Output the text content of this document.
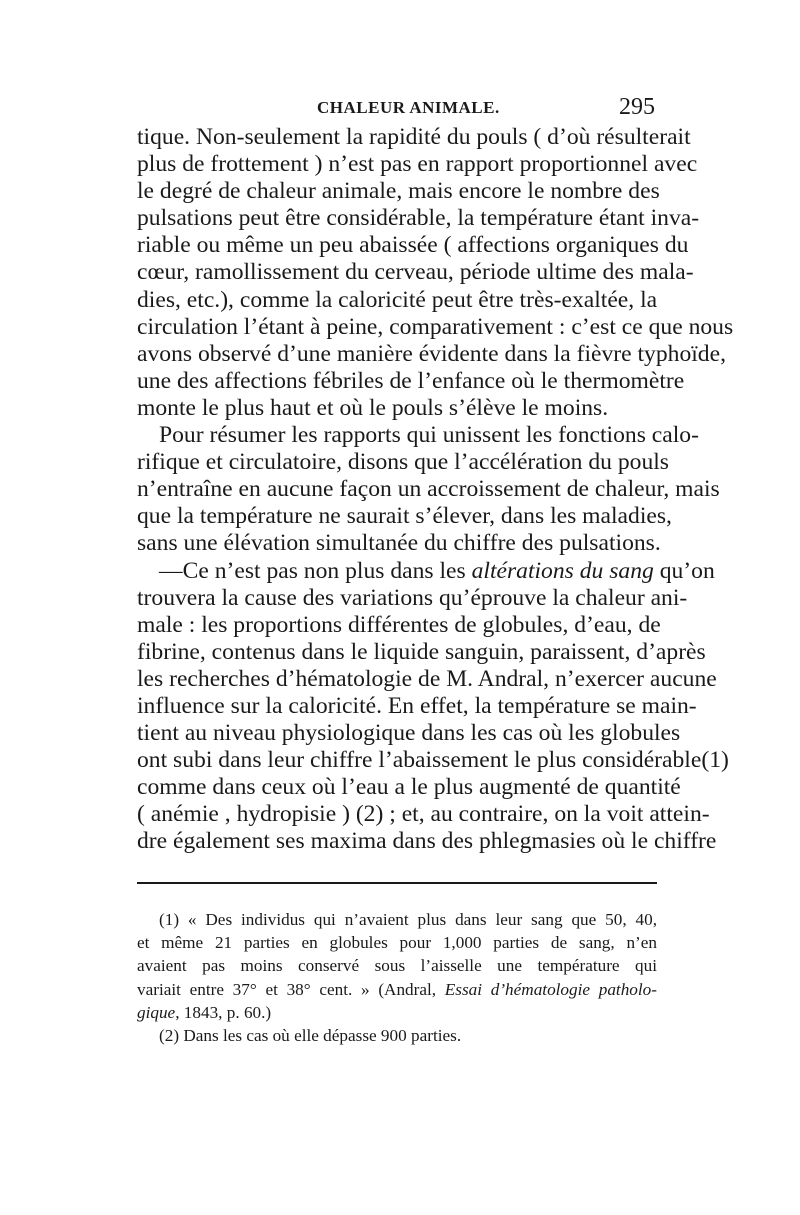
CHALEUR ANIMALE.	295

tique. Non-seulement la rapidité du pouls ( d’où résulterait
plus de frottement ) n’est pas en rapport proportionnel avec
le degré de chaleur animale, mais encore le nombre des
pulsations peut être considérable, la température étant inva-
riable ou même un peu abaissée ( affections organiques du
cœur, ramollissement du cerveau, période ultime des mala-
dies, etc.), comme la caloricité peut être très-exaltée, la
circulation l’étant à peine, comparativement : c’est ce que nous
avons observé d’une manière évidente dans la fièvre typhoïde,
une des affections fébriles de l’enfance où le thermomètre
monte le plus haut et où le pouls s’élève le moins.

Pour résumer les rapports qui unissent les fonctions calo-
rifique et circulatoire, disons que l’accélération du pouls
n’entraîne en aucune façon un accroissement de chaleur, mais
que la température ne saurait s’élever, dans les maladies,
sans une élévation simultanée du chiffre des pulsations.

—Ce n’est pas non plus dans les altérations du sang qu’on
trouvera la cause des variations qu’éprouve la chaleur ani-
male : les proportions différentes de globules, d’eau, de
fibrine, contenus dans le liquide sanguin, paraissent, d’après
les recherches d’hématologie de M. Andral, n’exercer aucune
influence sur la caloricité. En effet, la température se main-
tient au niveau physiologique dans les cas où les globules
ont subi dans leur chiffre l’abaissement le plus considérable(1)
comme dans ceux où l’eau a le plus augmenté de quantité
( anémie , hydropisie ) (2) ; et, au contraire, on la voit attein-
dre également ses maxima dans des phlegmasies où le chiffre

(1) « Des individus qui n’avaient plus dans leur sang que 50, 40,
et même 21 parties en globules pour 1,000 parties de sang, n’en
avaient pas moins conservé sous l’aisselle une température qui
variait entre 37° et 38° cent. » (Andral, Essai d’hématologie patholo-
gique, 1843, p. 60.)
(2) Dans les cas où elle dépasse 900 parties.
